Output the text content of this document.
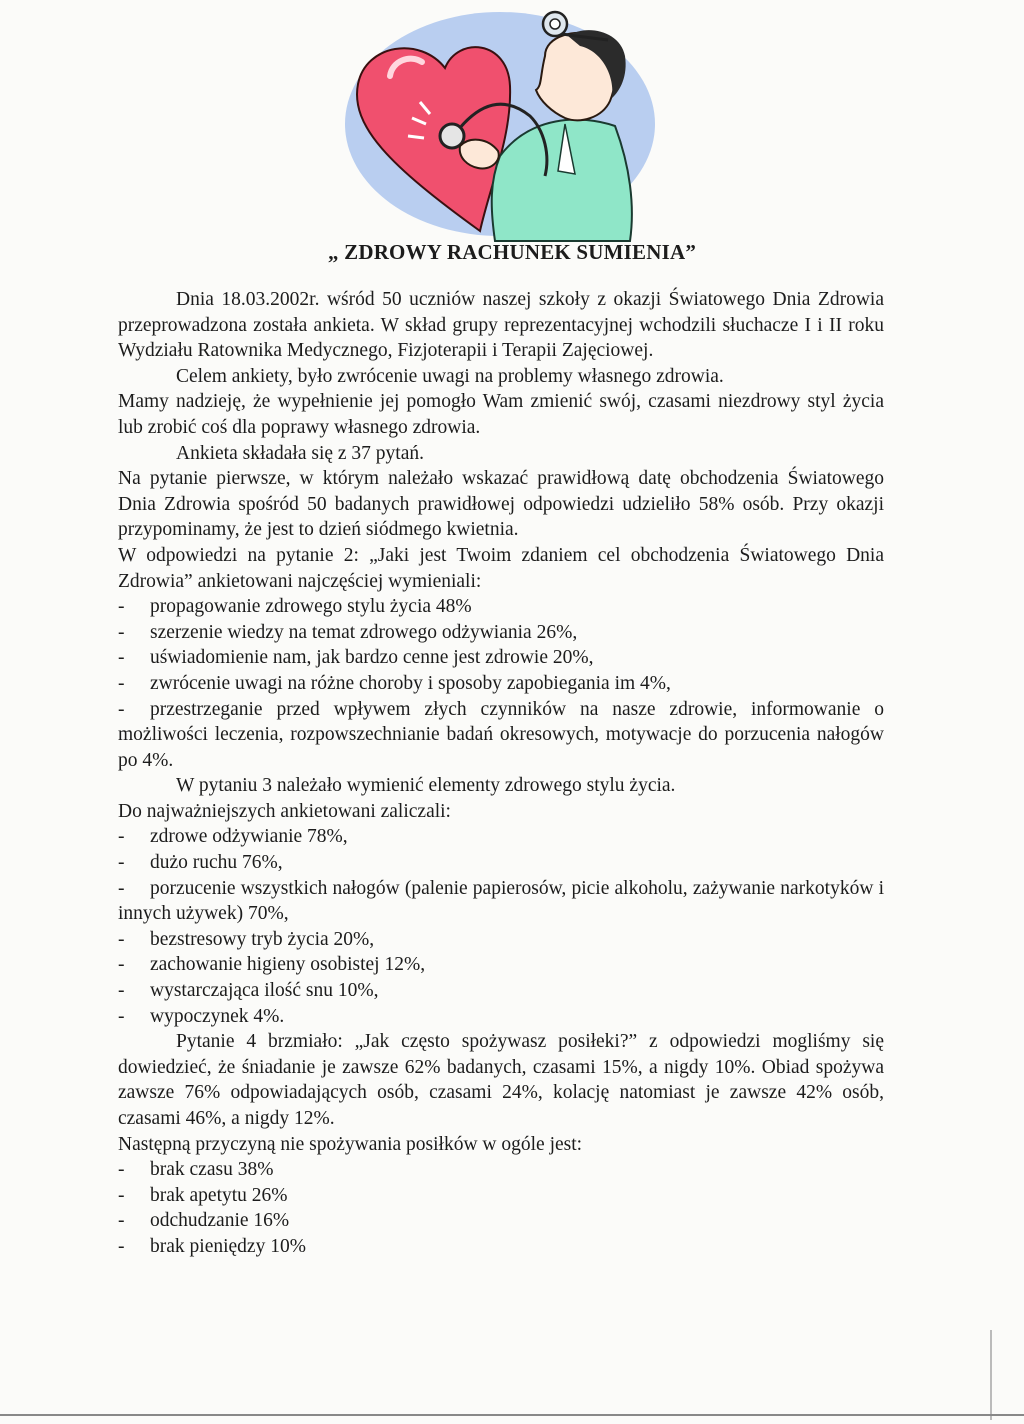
„ ZDROWY RACHUNEK SUMIENIA”

Dnia 18.03.2002r. wśród 50 uczniów naszej szkoły z okazji Światowego Dnia Zdrowia przeprowadzona została ankieta. W skład grupy reprezentacyjnej wchodzili słuchacze I i II roku Wydziału Ratownika Medycznego, Fizjoterapii i Terapii Zajęciowej.

Celem ankiety, było zwrócenie uwagi na problemy własnego zdrowia.

Mamy nadzieję, że wypełnienie jej pomogło Wam zmienić swój, czasami niezdrowy styl życia lub zrobić coś dla poprawy własnego zdrowia.

Ankieta składała się z 37 pytań.

Na pytanie pierwsze, w którym należało wskazać prawidłową datę obchodzenia Światowego Dnia Zdrowia spośród 50 badanych prawidłowej odpowiedzi udzieliło 58% osób. Przy okazji przypominamy, że jest to dzień siódmego kwietnia.

W odpowiedzi na pytanie 2: „Jaki jest Twoim zdaniem cel obchodzenia Światowego Dnia Zdrowia” ankietowani najczęściej wymieniali:

-	propagowanie zdrowego stylu życia 48%
-	szerzenie wiedzy na temat zdrowego odżywiania 26%,
-	uświadomienie nam, jak bardzo cenne jest zdrowie 20%,
-	zwrócenie uwagi na różne choroby i sposoby zapobiegania im 4%,
- przestrzeganie przed wpływem złych czynników na nasze zdrowie, informowanie o możliwości leczenia, rozpowszechnianie badań okresowych, motywacje do porzucenia nałogów po 4%.

W pytaniu 3 należało wymienić elementy zdrowego stylu życia.

Do najważniejszych ankietowani zaliczali:

-	zdrowe odżywianie 78%,
-	dużo ruchu 76%,
- porzucenie wszystkich nałogów (palenie papierosów, picie alkoholu, zażywanie narkotyków i innych używek) 70%,
-	bezstresowy tryb życia 20%,
-	zachowanie higieny osobistej 12%,
-	wystarczająca ilość snu 10%,
-	wypoczynek 4%.

Pytanie 4 brzmiało: „Jak często spożywasz posiłeki?” z odpowiedzi mogliśmy się dowiedzieć, że śniadanie je zawsze 62% badanych, czasami 15%, a nigdy 10%. Obiad spożywa zawsze 76% odpowiadających osób, czasami 24%, kolację natomiast je zawsze 42% osób, czasami 46%, a nigdy 12%.

Następną przyczyną nie spożywania posiłków w ogóle jest:

-	brak czasu 38%
-	brak apetytu 26%
-	odchudzanie 16%
-	brak pieniędzy 10%
